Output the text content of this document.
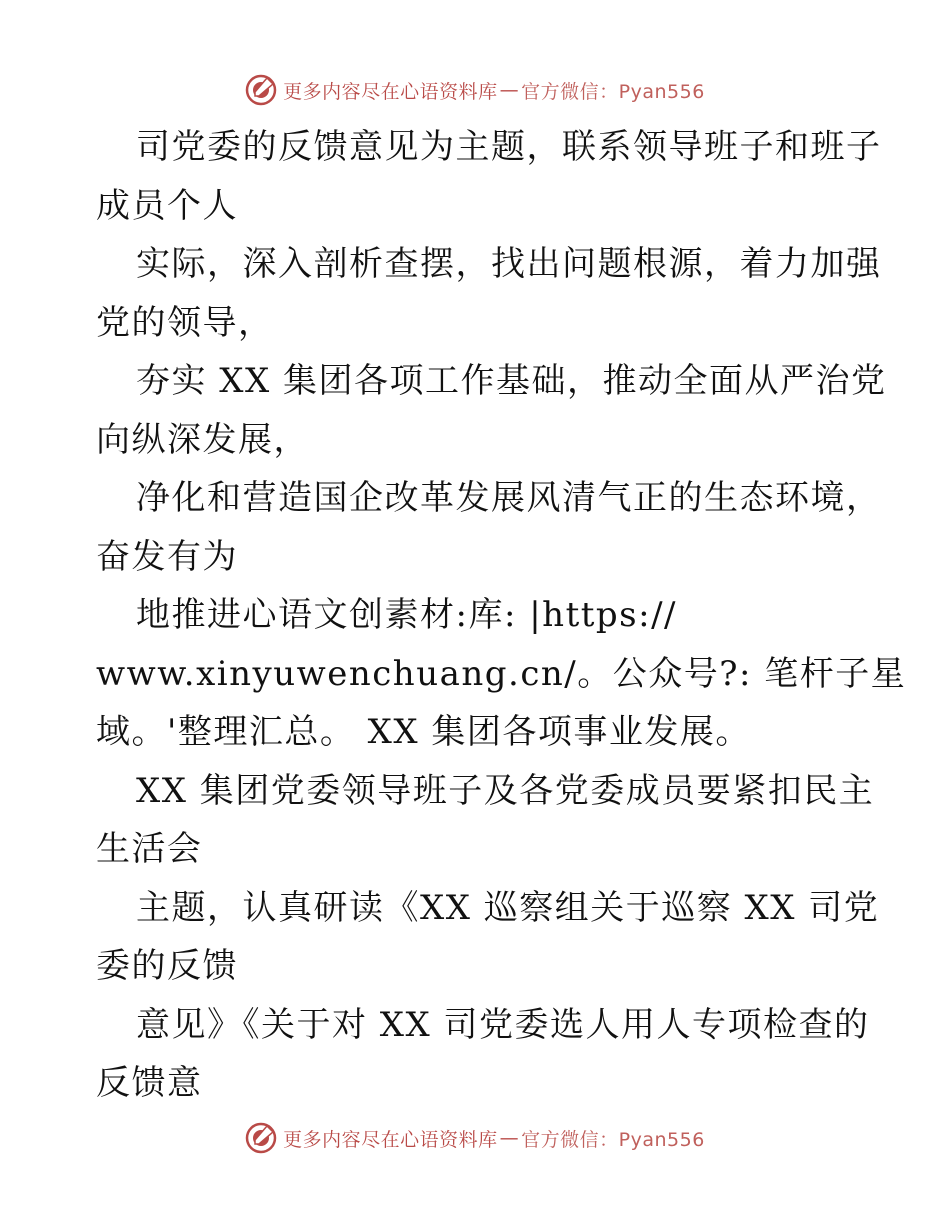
更多内容尽在心语资料库 — 官方微信：Pyan556
司党委的反馈意见为主题，联系领导班子和班子
成员个人
实际，深入剖析查摆，找出问题根源，着力加强
党的领导，
夯实 XX 集团各项工作基础，推动全面从严治党
向纵深发展，
净化和营造国企改革发展风清气正的生态环境，
奋发有为
地推进心语文创素材:库: |https://
www.xinyuwenchuang.cn/。公众号?: 笔杆子星
域。'整理汇总。 XX 集团各项事业发展。
XX 集团党委领导班子及各党委成员要紧扣民主
生活会
主题，认真研读《XX 巡察组关于巡察 XX 司党
委的反馈
意见》《关于对 XX 司党委选人用人专项检查的
反馈意
更多内容尽在心语资料库 — 官方微信：Pyan556
